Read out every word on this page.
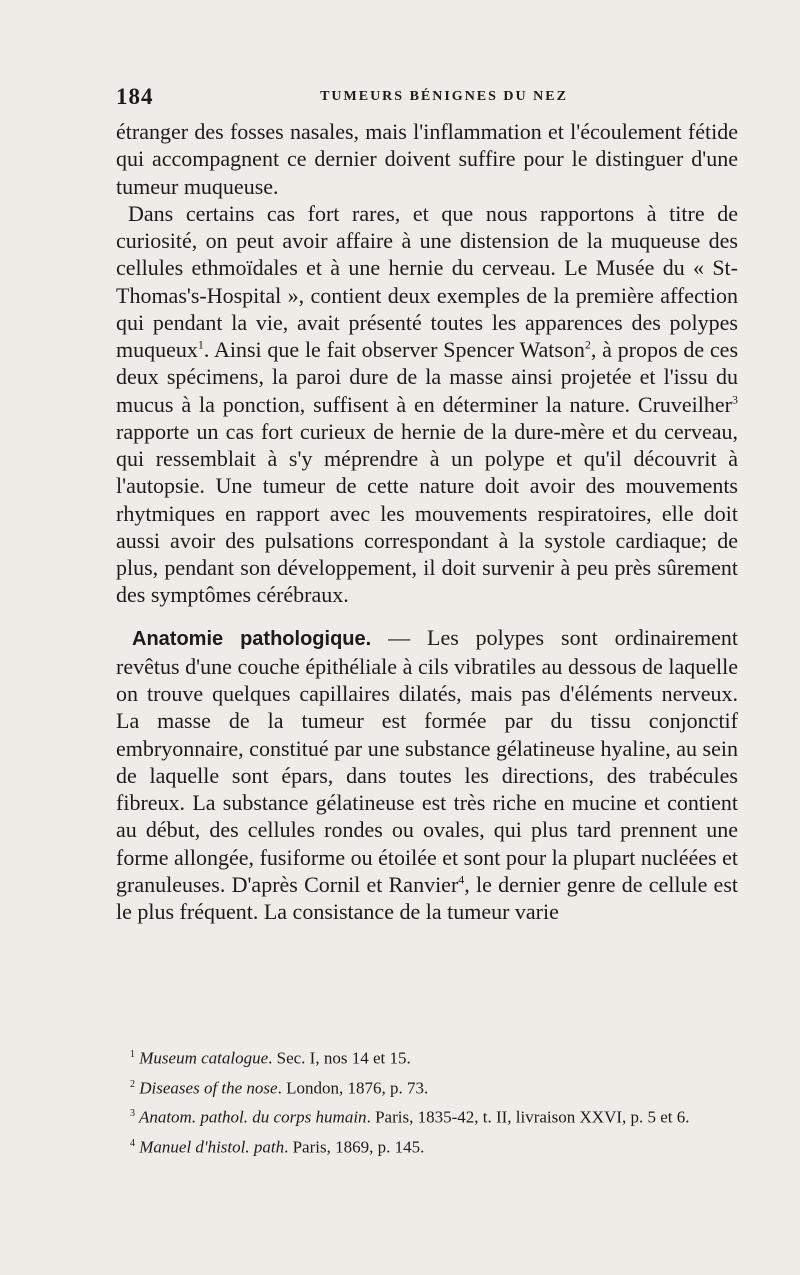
184	TUMEURS BÉNIGNES DU NEZ

étranger des fosses nasales, mais l'inflammation et l'écoulement fétide qui accompagnent ce dernier doivent suffire pour le distinguer d'une tumeur muqueuse.

Dans certains cas fort rares, et que nous rapportons à titre de curiosité, on peut avoir affaire à une distension de la muqueuse des cellules ethmoïdales et à une hernie du cerveau. Le Musée du « St-Thomas's-Hospital », contient deux exemples de la première affection qui pendant la vie, avait présenté toutes les apparences des polypes muqueux$^1$. Ainsi que le fait observer Spencer Watson$^2$, à propos de ces deux spécimens, la paroi dure de la masse ainsi projetée et l'issu du mucus à la ponction, suffisent à en déterminer la nature. Cruveilher$^3$ rapporte un cas fort curieux de hernie de la dure-mère et du cerveau, qui ressemblait à s'y méprendre à un polype et qu'il découvrit à l'autopsie. Une tumeur de cette nature doit avoir des mouvements rhytmiques en rapport avec les mouvements respiratoires, elle doit aussi avoir des pulsations correspondant à la systole cardiaque; de plus, pendant son développement, il doit survenir à peu près sûrement des symptômes cérébraux.

Anatomie pathologique. — Les polypes sont ordinairement revêtus d'une couche épithéliale à cils vibratiles au dessous de laquelle on trouve quelques capillaires dilatés, mais pas d'éléments nerveux. La masse de la tumeur est formée par du tissu conjonctif embryonnaire, constitué par une substance gélatineuse hyaline, au sein de laquelle sont épars, dans toutes les directions, des trabécules fibreux. La substance gélatineuse est très riche en mucine et contient au début, des cellules rondes ou ovales, qui plus tard prennent une forme allongée, fusiforme ou étoilée et sont pour la plupart nucléées et granuleuses. D'après Cornil et Ranvier$^4$, le dernier genre de cellule est le plus fréquent. La consistance de la tumeur varie

$^1$ Museum catalogue. Sec. I, nos 14 et 15.

$^2$ Diseases of the nose. London, 1876, p. 73.

$^3$ Anatom. pathol. du corps humain. Paris, 1835-42, t. II, livraison XXVI, p. 5 et 6.

$^4$ Manuel d'histol. path. Paris, 1869, p. 145.
